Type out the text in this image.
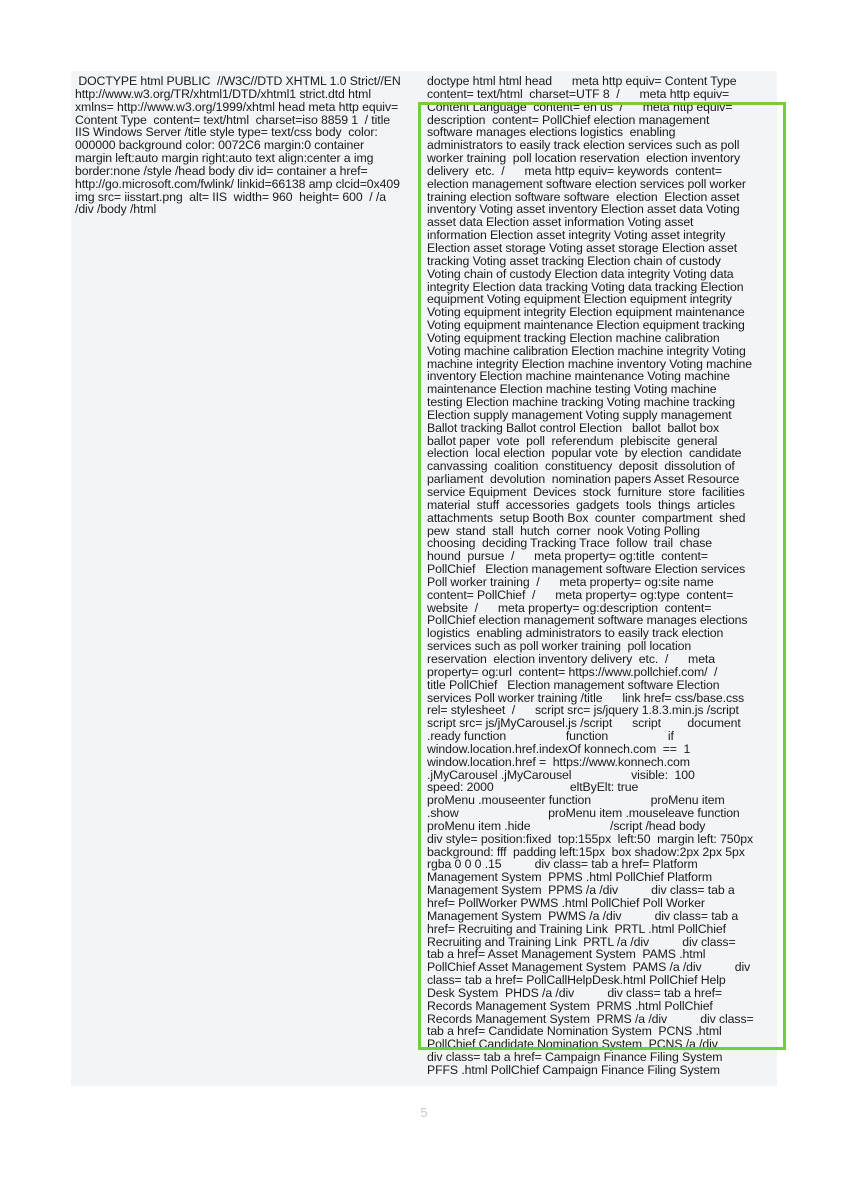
DOCTYPE html PUBLIC  //W3C//DTD XHTML 1.0 Strict//EN
http://www.w3.org/TR/xhtml1/DTD/xhtml1 strict.dtd html
xmlns= http://www.w3.org/1999/xhtml head meta http equiv=
Content Type  content= text/html  charset=iso 8859 1  / title
IIS Windows Server /title style type= text/css body  color:
000000 background color: 0072C6 margin:0 container
margin left:auto margin right:auto text align:center a img
border:none /style /head body div id= container a href=
http://go.microsoft.com/fwlink/ linkid=66138 amp clcid=0x409
img src= iisstart.png  alt= IIS  width= 960  height= 600  / /a
/div /body /html
doctype html html head      meta http equiv= Content Type
content= text/html  charset=UTF 8  /      meta http equiv=
Content Language  content= en us  /      meta http equiv=
description  content= PollChief election management
software manages elections logistics  enabling
administrators to easily track election services such as poll
worker training  poll location reservation  election inventory
delivery  etc.  /      meta http equiv= keywords  content=
election management software election services poll worker
training election software software  election  Election asset
inventory Voting asset inventory Election asset data Voting
asset data Election asset information Voting asset
information Election asset integrity Voting asset integrity
Election asset storage Voting asset storage Election asset
tracking Voting asset tracking Election chain of custody
Voting chain of custody Election data integrity Voting data
integrity Election data tracking Voting data tracking Election
equipment Voting equipment Election equipment integrity
Voting equipment integrity Election equipment maintenance
Voting equipment maintenance Election equipment tracking
Voting equipment tracking Election machine calibration
Voting machine calibration Election machine integrity Voting
machine integrity Election machine inventory Voting machine
inventory Election machine maintenance Voting machine
maintenance Election machine testing Voting machine
testing Election machine tracking Voting machine tracking
Election supply management Voting supply management
Ballot tracking Ballot control Election   ballot  ballot box
ballot paper  vote  poll  referendum  plebiscite  general
election  local election  popular vote  by election  candidate
canvassing  coalition  constituency  deposit  dissolution of
parliament  devolution  nomination papers Asset Resource
service Equipment  Devices  stock  furniture  store  facilities
material  stuff  accessories  gadgets  tools  things  articles
attachments  setup Booth Box  counter  compartment  shed
pew  stand  stall  hutch  corner  nook Voting Polling
choosing  deciding Tracking Trace  follow  trail  chase
hound  pursue  /      meta property= og:title  content=
PollChief   Election management software Election services
Poll worker training  /      meta property= og:site name
content= PollChief  /      meta property= og:type  content=
website  /      meta property= og:description  content=
PollChief election management software manages elections
logistics  enabling administrators to easily track election
services such as poll worker training  poll location
reservation  election inventory delivery  etc.  /      meta
property= og:url  content= https://www.pollchief.com/  /
title PollChief   Election management software Election
services Poll worker training /title      link href= css/base.css
rel= stylesheet  /      script src= js/jquery 1.8.3.min.js /script
script src= js/jMyCarousel.js /script      script        document
.ready function                  function                  if
window.location.href.indexOf konnech.com  ==  1
window.location.href =  https://www.konnech.com
.jMyCarousel .jMyCarousel                  visible:  100
speed: 2000                       eltByElt: true
proMenu .mouseenter function                  proMenu item
.show                           proMenu item .mouseleave function
proMenu item .hide                        /script /head body
div style= position:fixed  top:155px  left:50  margin left: 750px
background: fff  padding left:15px  box shadow:2px 2px 5px
rgba 0 0 0 .15          div class= tab a href= Platform
Management System  PPMS .html PollChief Platform
Management System  PPMS /a /div          div class= tab a
href= PollWorker PWMS .html PollChief Poll Worker
Management System  PWMS /a /div          div class= tab a
href= Recruiting and Training Link  PRTL .html PollChief
Recruiting and Training Link  PRTL /a /div          div class=
tab a href= Asset Management System  PAMS .html
PollChief Asset Management System  PAMS /a /div          div
class= tab a href= PollCallHelpDesk.html PollChief Help
Desk System  PHDS /a /div          div class= tab a href=
Records Management System  PRMS .html PollChief
Records Management System  PRMS /a /div          div class=
tab a href= Candidate Nomination System  PCNS .html
PollChief Candidate Nomination System  PCNS /a /div
div class= tab a href= Campaign Finance Filing System
PFFS .html PollChief Campaign Finance Filing System
5
